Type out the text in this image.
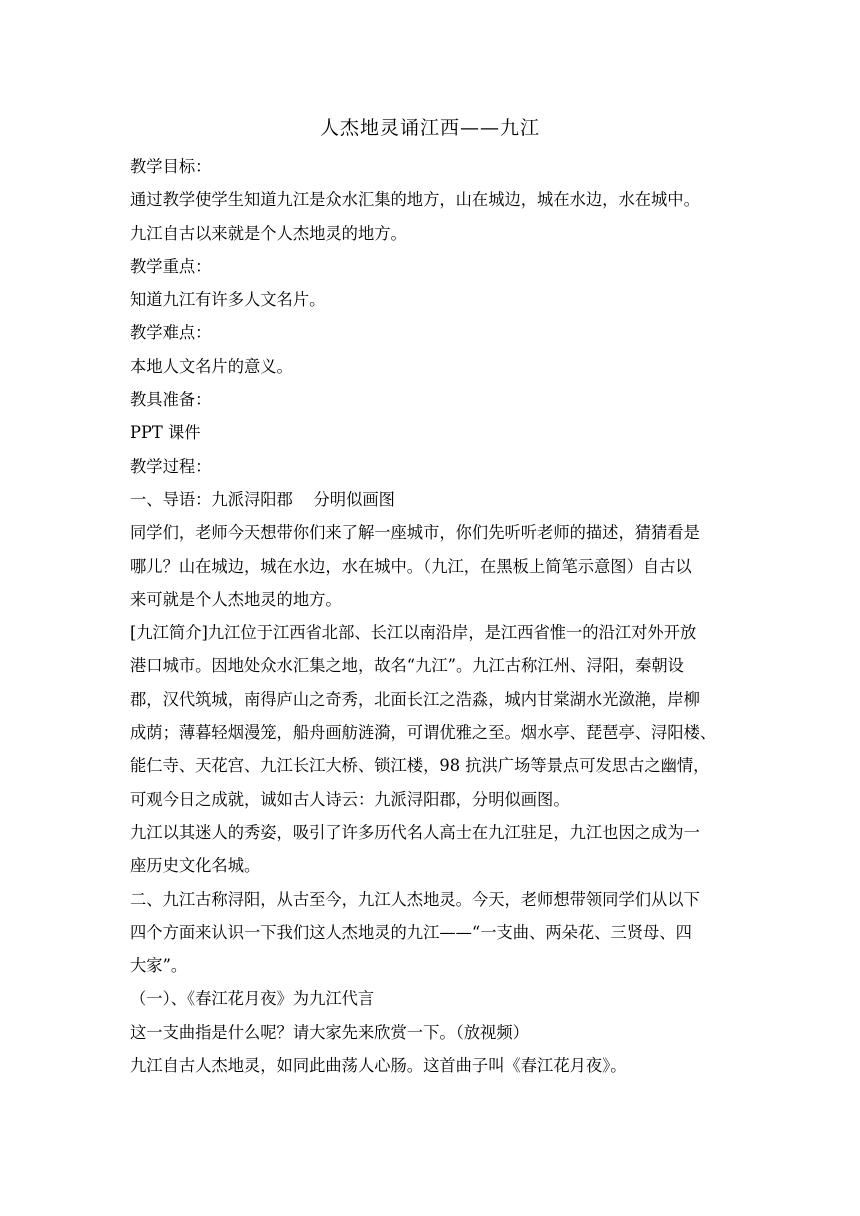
人杰地灵诵江西——九江

教学目标：

通过教学使学生知道九江是众水汇集的地方，山在城边，城在水边，水在城中。

九江自古以来就是个人杰地灵的地方。

教学重点：

知道九江有许多人文名片。

教学难点：

本地人文名片的意义。

教具准备：

PPT 课件

教学过程：

一、导语：九派浔阳郡    分明似画图

同学们，老师今天想带你们来了解一座城市，你们先听听老师的描述，猜猜看是

哪儿？山在城边，城在水边，水在城中。（九江，在黑板上简笔示意图）自古以

来可就是个人杰地灵的地方。

[九江简介]九江位于江西省北部、长江以南沿岸，是江西省惟一的沿江对外开放

港口城市。因地处众水汇集之地，故名“九江”。九江古称江州、浔阳，秦朝设

郡，汉代筑城，南得庐山之奇秀，北面长江之浩淼，城内甘棠湖水光潋滟，岸柳

成荫；薄暮轻烟漫笼，船舟画舫涟漪，可谓优雅之至。烟水亭、琵琶亭、浔阳楼、

能仁寺、天花宫、九江长江大桥、锁江楼，98 抗洪广场等景点可发思古之幽情，

可观今日之成就，诚如古人诗云：九派浔阳郡，分明似画图。

九江以其迷人的秀姿，吸引了许多历代名人高士在九江驻足，九江也因之成为一

座历史文化名城。

二、九江古称浔阳，从古至今，九江人杰地灵。今天，老师想带领同学们从以下

四个方面来认识一下我们这人杰地灵的九江——“一支曲、两朵花、三贤母、四

大家”。

（一）、《春江花月夜》为九江代言

这一支曲指是什么呢？请大家先来欣赏一下。（放视频）

九江自古人杰地灵，如同此曲荡人心肠。这首曲子叫《春江花月夜》。
